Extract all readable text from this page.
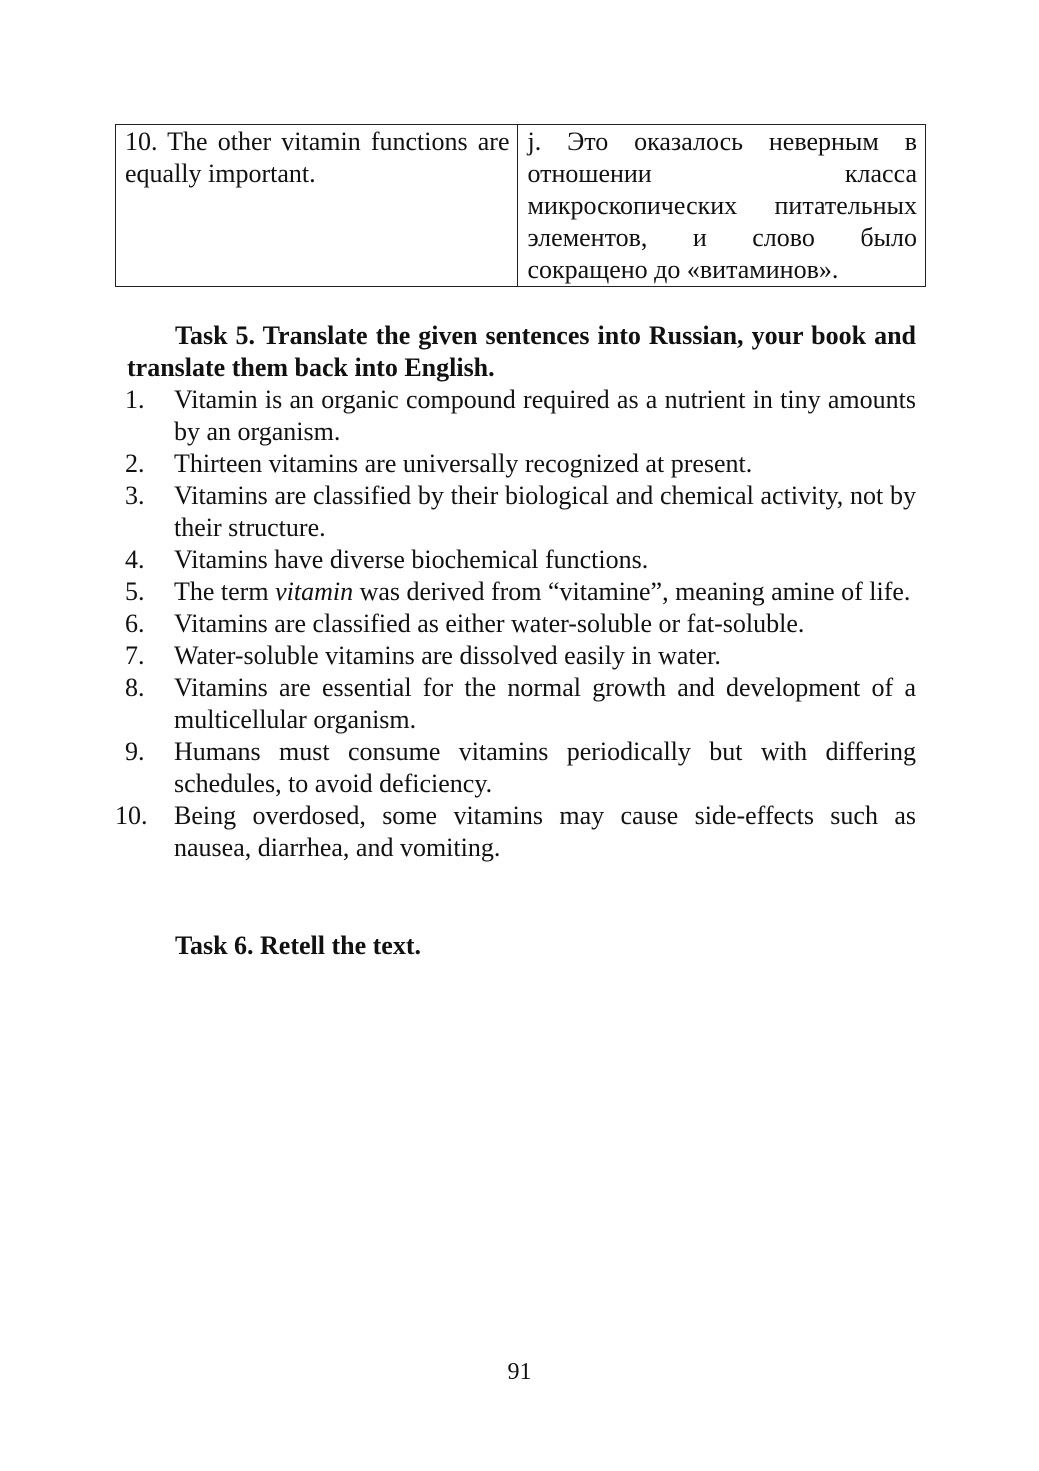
10. The other vitamin functions are equally important.	j. Это оказалось неверным в отношении класса микроскопических питательных элементов, и слово было сокращено до «витаминов».

Task 5. Translate the given sentences into Russian, your book and translate them back into English.

1. Vitamin is an organic compound required as a nutrient in tiny amounts by an organism.
2. Thirteen vitamins are universally recognized at present.
3. Vitamins are classified by their biological and chemical activity, not by their structure.
4. Vitamins have diverse biochemical functions.
5. The term vitamin was derived from “vitamine”, meaning amine of life.
6. Vitamins are classified as either water-soluble or fat-soluble.
7. Water-soluble vitamins are dissolved easily in water.
8. Vitamins are essential for the normal growth and development of a multicellular organism.
9. Humans must consume vitamins periodically but with differing schedules, to avoid deficiency.
10. Being overdosed, some vitamins may cause side-effects such as nausea, diarrhea, and vomiting.

Task 6. Retell the text.

91
